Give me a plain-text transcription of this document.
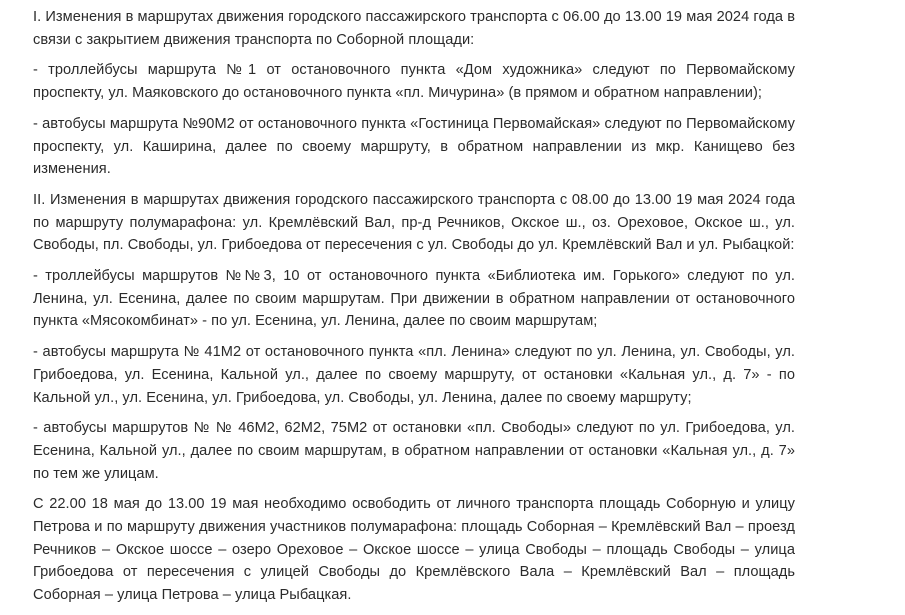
I. Изменения в маршрутах движения городского пассажирского транспорта с 06.00 до 13.00 19 мая 2024 года в связи с закрытием движения транспорта по Соборной площади:

- троллейбусы маршрута №1 от остановочного пункта «Дом художника» следуют по Первомайскому проспекту, ул. Маяковского до остановочного пункта «пл. Мичурина» (в прямом и обратном направлении);

- автобусы маршрута №90М2 от остановочного пункта «Гостиница Первомайская» следуют по Первомайскому проспекту, ул. Каширина, далее по своему маршруту, в обратном направлении из мкр. Канищево без изменения.

II. Изменения в маршрутах движения городского пассажирского транспорта с 08.00 до 13.00 19 мая 2024 года по маршруту полумарафона: ул. Кремлёвский Вал, пр-д Речников, Окское ш., оз. Ореховое, Окское ш., ул. Свободы, пл. Свободы, ул. Грибоедова от пересечения с ул. Свободы до ул. Кремлёвский Вал и ул. Рыбацкой:

- троллейбусы маршрутов №№3, 10 от остановочного пункта «Библиотека им. Горького» следуют по ул. Ленина, ул. Есенина, далее по своим маршрутам. При движении в обратном направлении от остановочного пункта «Мясокомбинат» - по ул. Есенина, ул. Ленина, далее по своим маршрутам;

- автобусы маршрута № 41М2 от остановочного пункта «пл. Ленина» следуют по ул. Ленина, ул. Свободы, ул. Грибоедова, ул. Есенина, Кальной ул., далее по своему маршруту, от остановки «Кальная ул., д. 7» - по Кальной ул., ул. Есенина, ул. Грибоедова, ул. Свободы, ул. Ленина, далее по своему маршруту;

- автобусы маршрутов № № 46М2, 62М2, 75М2 от остановки «пл. Свободы» следуют по ул. Грибоедова, ул. Есенина, Кальной ул., далее по своим маршрутам, в обратном направлении от остановки «Кальная ул., д. 7» по тем же улицам.

С 22.00 18 мая до 13.00 19 мая необходимо освободить от личного транспорта площадь Соборную и улицу Петрова и по маршруту движения участников полумарафона: площадь Соборная – Кремлёвский Вал – проезд Речников – Окское шоссе – озеро Ореховое – Окское шоссе – улица Свободы – площадь Свободы – улица Грибоедова от пересечения с улицей Свободы до Кремлёвского Вала – Кремлёвский Вал – площадь Соборная – улица Петрова – улица Рыбацкая.
